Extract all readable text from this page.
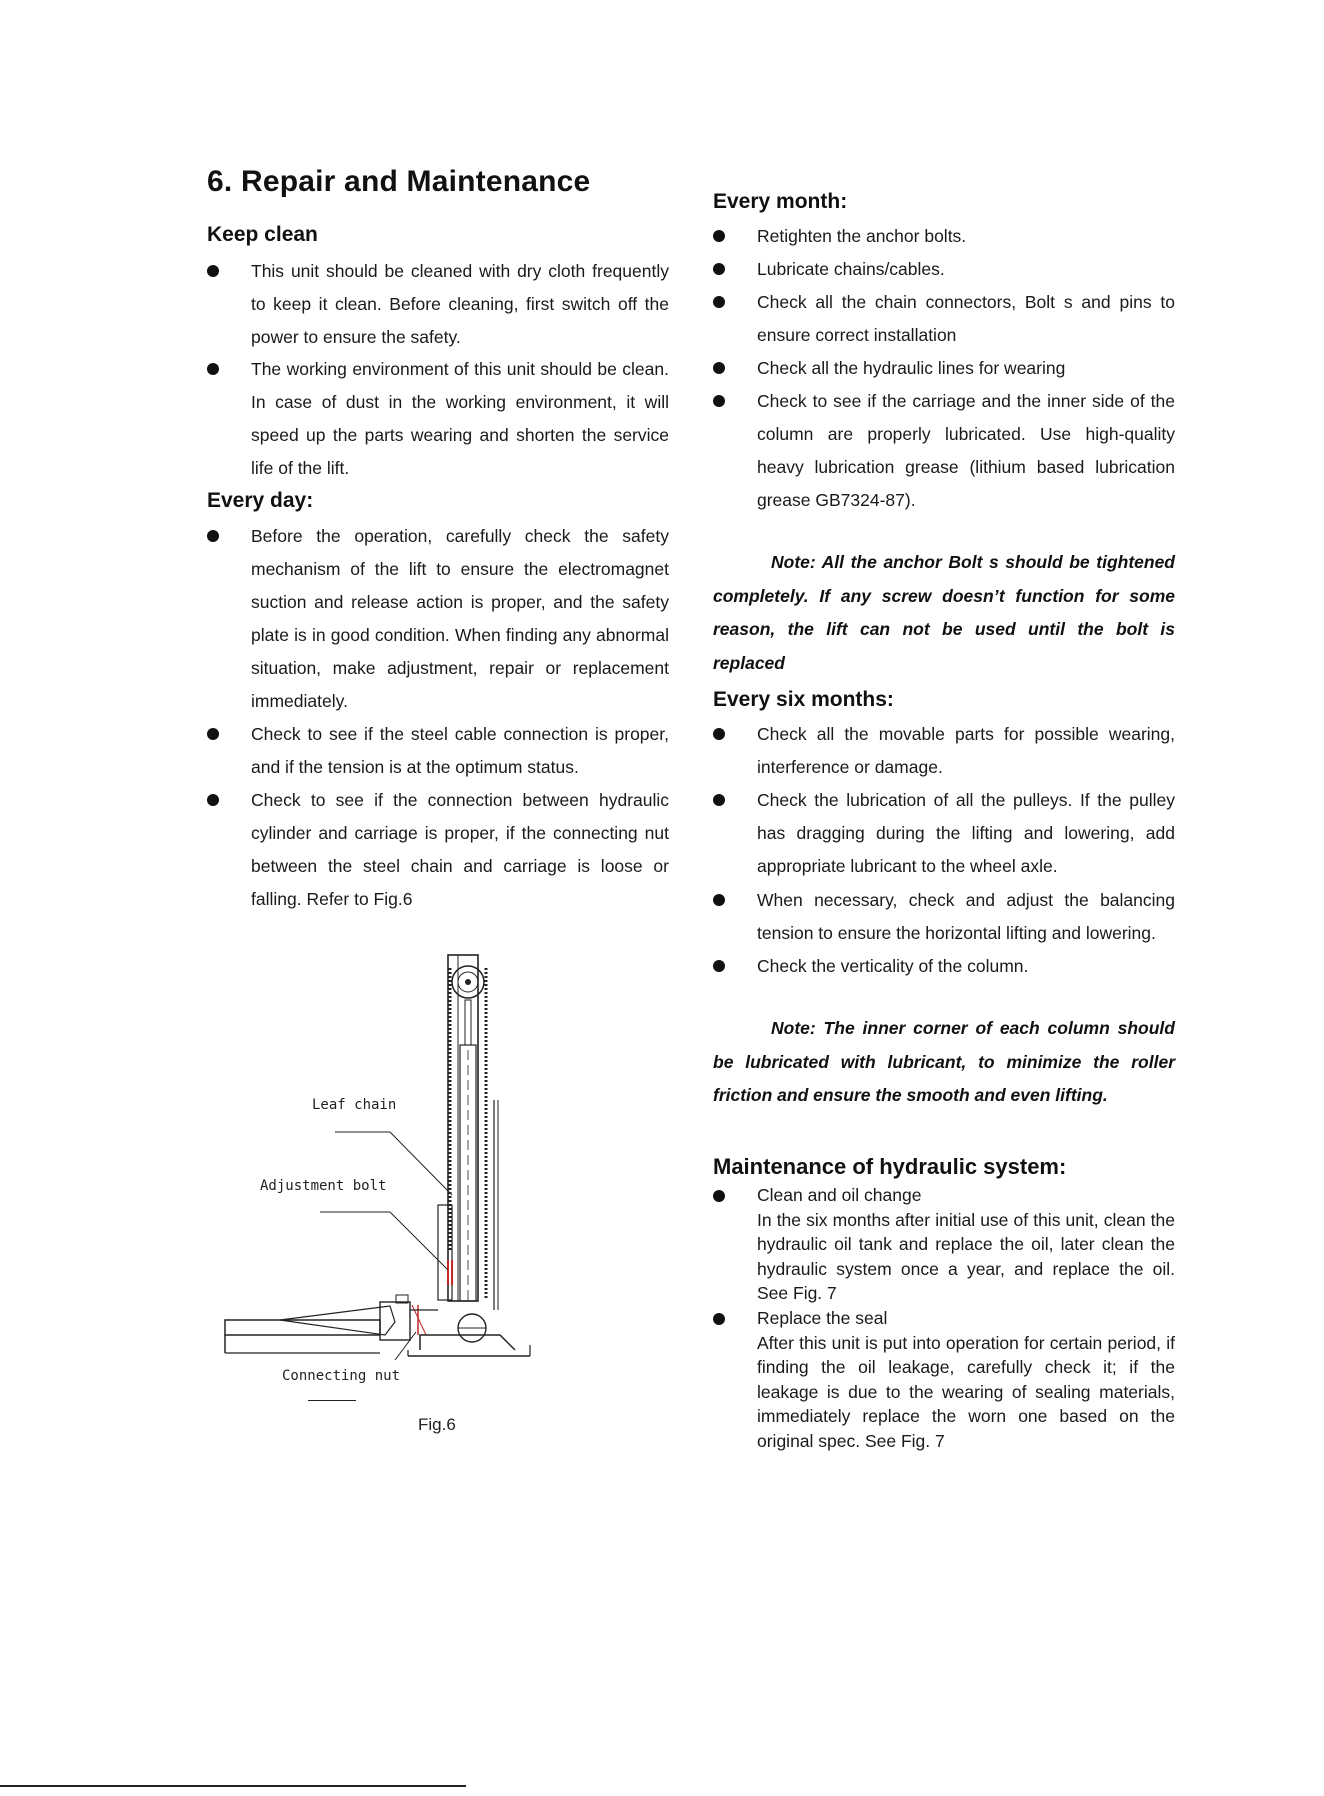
6. Repair and Maintenance
Keep clean
This unit should be cleaned with dry cloth frequently to keep it clean. Before cleaning, first switch off the power to ensure the safety.
The working environment of this unit should be clean. In case of dust in the working environment, it will speed up the parts wearing and shorten the service life of the lift.
Every day:
Before the operation, carefully check the safety mechanism of the lift to ensure the electromagnet suction and release action is proper, and the safety plate is in good condition. When finding any abnormal situation, make adjustment, repair or replacement immediately.
Check to see if the steel cable connection is proper, and if the tension is at the optimum status.
Check to see if the connection between hydraulic cylinder and carriage is proper, if the connecting nut between the steel chain and carriage is loose or falling. Refer to Fig.6
Leaf chain
Adjustment bolt
Connecting nut
Fig.6
Every month:
Retighten the anchor bolts.
Lubricate chains/cables.
Check all the chain connectors, Bolt s and pins to ensure correct installation
Check all the hydraulic lines for wearing
Check to see if the carriage and the inner side of the column are properly lubricated. Use high-quality heavy lubrication grease (lithium based lubrication grease GB7324-87).
Note: All the anchor Bolt s should be tightened completely. If any screw doesn’t function for some reason, the lift can not be used until the bolt is replaced
Every six months:
Check all the movable parts for possible wearing, interference or damage.
Check the lubrication of all the pulleys. If the pulley has dragging during the lifting and lowering, add appropriate lubricant to the wheel axle.
When necessary, check and adjust the balancing tension to ensure the horizontal lifting and lowering.
Check the verticality of the column.
Note: The inner corner of each column should be lubricated with lubricant, to minimize the roller friction and ensure the smooth and even lifting.
Maintenance of hydraulic system:
Clean and oil change
In the six months after initial use of this unit, clean the hydraulic oil tank and replace the oil, later clean the hydraulic system once a year, and replace the oil. See Fig. 7
Replace the seal
After this unit is put into operation for certain period, if finding the oil leakage, carefully check it; if the leakage is due to the wearing of sealing materials, immediately replace the worn one based on the original spec. See Fig. 7
